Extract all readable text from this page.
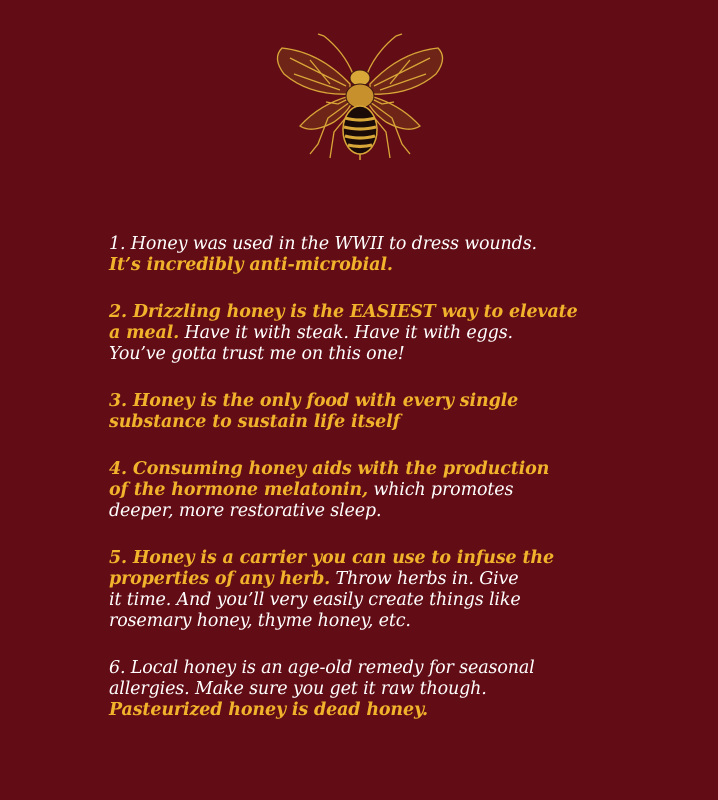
1. Honey was used in the WWII to dress wounds.
It’s incredibly anti-microbial.
2. Drizzling honey is the EASIEST way to elevate
a meal. Have it with steak. Have it with eggs.
You’ve gotta trust me on this one!
3. Honey is the only food with every single
substance to sustain life itself
4. Consuming honey aids with the production
of the hormone melatonin, which promotes
deeper, more restorative sleep.
5. Honey is a carrier you can use to infuse the
properties of any herb. Throw herbs in. Give
it time. And you’ll very easily create things like
rosemary honey, thyme honey, etc.
6. Local honey is an age-old remedy for seasonal
allergies. Make sure you get it raw though.
Pasteurized honey is dead honey.
